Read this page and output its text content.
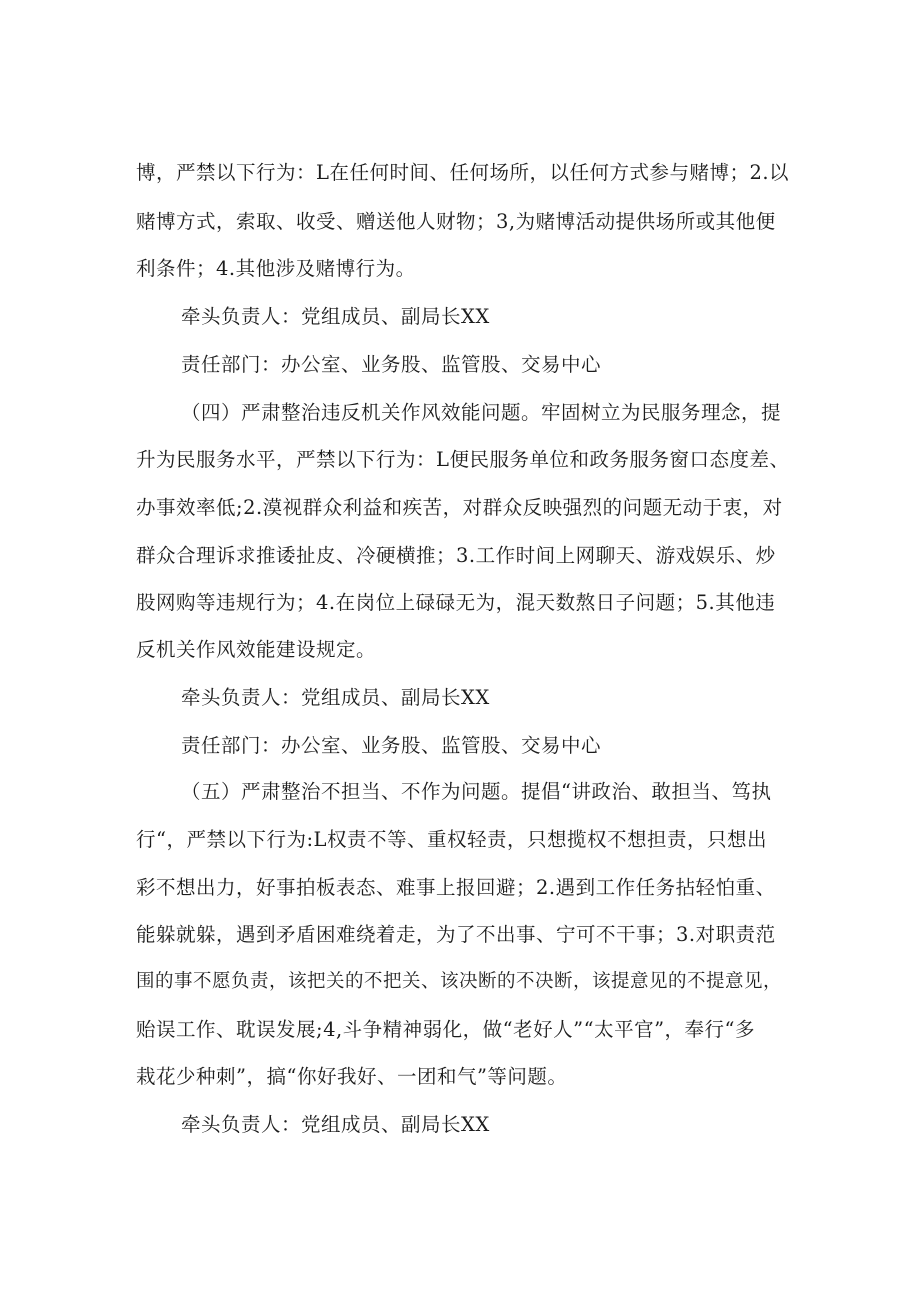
博，严禁以下行为：L在任何时间、任何场所，以任何方式参与赌博；2.以
赌博方式，索取、收受、赠送他人财物；3,为赌博活动提供场所或其他便
利条件；4.其他涉及赌博行为。
牵头负责人：党组成员、副局长XX
责任部门：办公室、业务股、监管股、交易中心
（四）严肃整治违反机关作风效能问题。牢固树立为民服务理念，提
升为民服务水平，严禁以下行为：L便民服务单位和政务服务窗口态度差、
办事效率低;2.漠视群众利益和疾苦，对群众反映强烈的问题无动于衷，对
群众合理诉求推诿扯皮、冷硬横推；3.工作时间上网聊天、游戏娱乐、炒
股网购等违规行为；4.在岗位上碌碌无为，混天数熬日子问题；5.其他违
反机关作风效能建设规定。
牵头负责人：党组成员、副局长XX
责任部门：办公室、业务股、监管股、交易中心
（五）严肃整治不担当、不作为问题。提倡“讲政治、敢担当、笃执
行“，严禁以下行为:L权责不等、重权轻责，只想揽权不想担责，只想出
彩不想出力，好事拍板表态、难事上报回避；2.遇到工作任务拈轻怕重、
能躲就躲，遇到矛盾困难绕着走，为了不出事、宁可不干事；3.对职责范
围的事不愿负责，该把关的不把关、该决断的不决断，该提意见的不提意见，
贻误工作、耽误发展;4,斗争精神弱化，做“老好人”“太平官”，奉行“多
栽花少种刺”，搞“你好我好、一团和气”等问题。
牵头负责人：党组成员、副局长XX
